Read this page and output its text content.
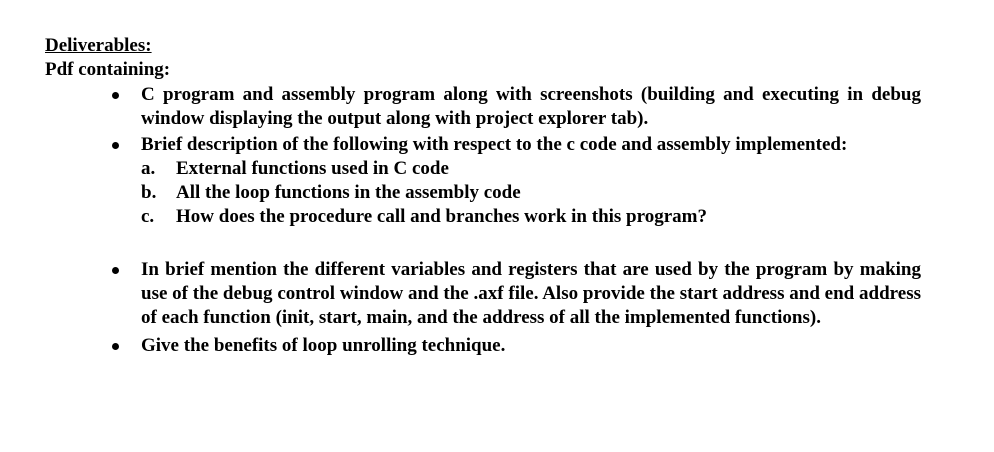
Deliverables:
Pdf containing:
C program and assembly program along with screenshots (building and executing in debug window displaying the output along with project explorer tab).
Brief description of the following with respect to the c code and assembly implemented:
a. External functions used in C code
b. All the loop functions in the assembly code
c. How does the procedure call and branches work in this program?
In brief mention the different variables and registers that are used by the program by making use of the debug control window and the .axf file. Also provide the start address and end address of each function (init, start, main, and the address of all the implemented functions).
Give the benefits of loop unrolling technique.
